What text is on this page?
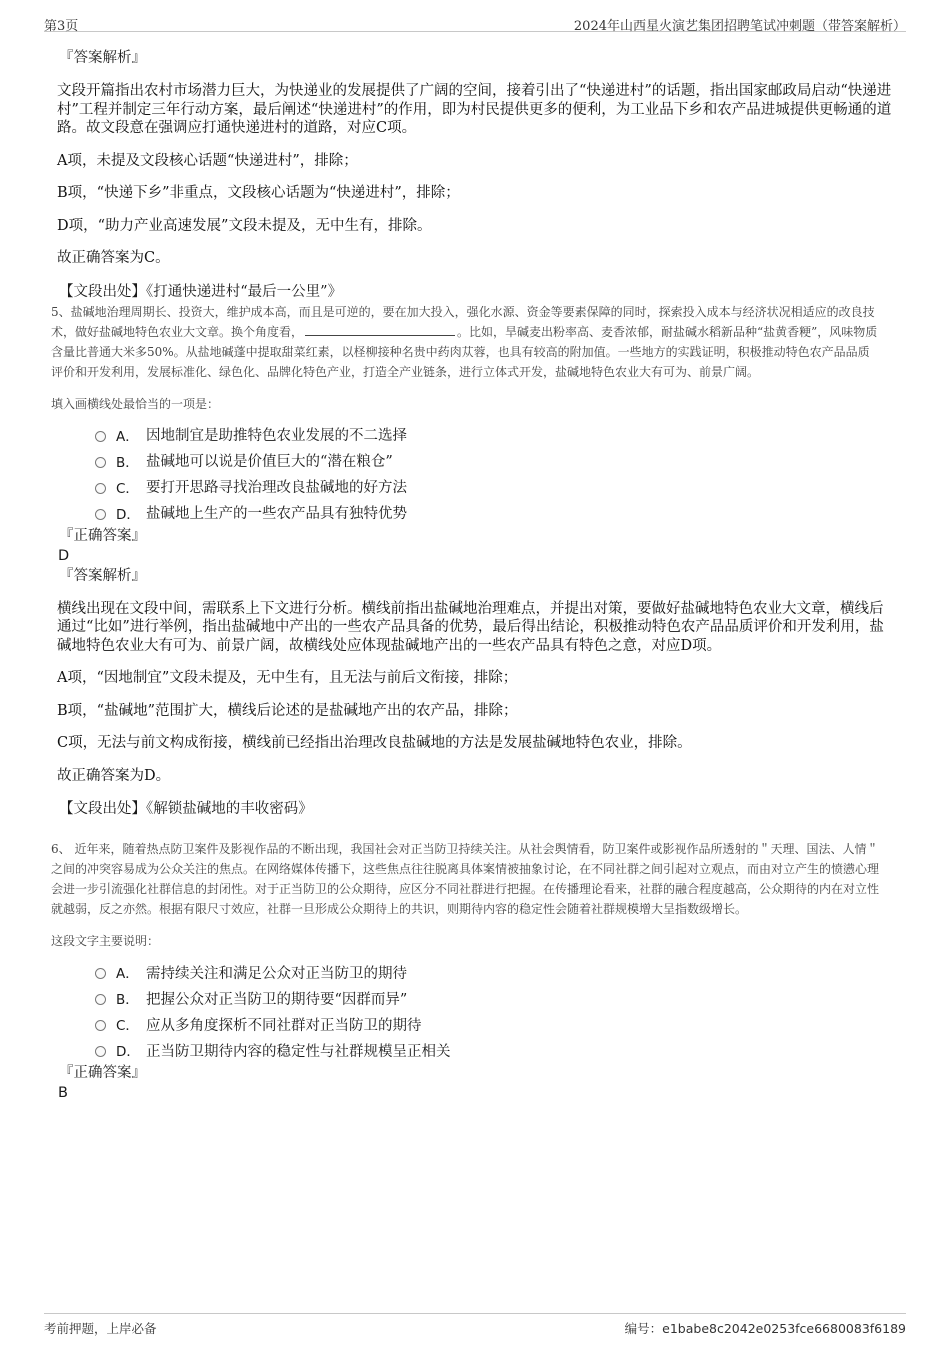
第3页	2024年山西星火演艺集团招聘笔试冲刺题（带答案解析）
『答案解析』
文段开篇指出农村市场潜力巨大，为快递业的发展提供了广阔的空间，接着引出了“快递进村”的话题，指出国家邮政局启动“快递进村”工程并制定三年行动方案，最后阐述“快递进村”的作用，即为村民提供更多的便利，为工业品下乡和农产品进城提供更畅通的道路。故文段意在强调应打通快递进村的道路，对应C项。
A项，未提及文段核心话题“快递进村”，排除；
B项，“快递下乡”非重点，文段核心话题为“快递进村”，排除；
D项，“助力产业高速发展”文段未提及，无中生有，排除。
故正确答案为C。
【文段出处】《打通快递进村“最后一公里”》
5、盐碱地治理周期长、投资大，维护成本高，而且是可逆的，要在加大投入，强化水源、资金等要素保障的同时，探索投入成本与经济状况相适应的改良技术，做好盐碱地特色农业大文章。换个角度看，	。比如，旱碱麦出粉率高、麦香浓郁，耐盐碱水稻新品种“盐黄香粳”，风味物质含量比普通大米多50%。从盐地碱蓬中提取甜菜红素，以柽柳接种名贵中药肉苁蓉，也具有较高的附加值。一些地方的实践证明，积极推动特色农产品品质评价和开发利用，发展标准化、绿色化、品牌化特色产业，打造全产业链条，进行立体式开发，盐碱地特色农业大有可为、前景广阔。
填入画横线处最恰当的一项是：
A． 因地制宜是助推特色农业发展的不二选择
B． 盐碱地可以说是价值巨大的“潜在粮仓”
C． 要打开思路寻找治理改良盐碱地的好方法
D． 盐碱地上生产的一些农产品具有独特优势
『正确答案』
D
『答案解析』
横线出现在文段中间，需联系上下文进行分析。横线前指出盐碱地治理难点，并提出对策，要做好盐碱地特色农业大文章，横线后通过“比如”进行举例，指出盐碱地中产出的一些农产品具备的优势，最后得出结论，积极推动特色农产品品质评价和开发利用，盐碱地特色农业大有可为、前景广阔，故横线处应体现盐碱地产出的一些农产品具有特色之意，对应D项。
A项，“因地制宜”文段未提及，无中生有，且无法与前后文衔接，排除；
B项，“盐碱地”范围扩大，横线后论述的是盐碱地产出的农产品，排除；
C项，无法与前文构成衔接，横线前已经指出治理改良盐碱地的方法是发展盐碱地特色农业，排除。
故正确答案为D。
【文段出处】《解锁盐碱地的丰收密码》
6、 近年来，随着热点防卫案件及影视作品的不断出现，我国社会对正当防卫持续关注。从社会舆情看，防卫案件或影视作品所透射的＂天理、国法、人情＂之间的冲突容易成为公众关注的焦点。在网络媒体传播下，这些焦点往往脱离具体案情被抽象讨论，在不同社群之间引起对立观点，而由对立产生的愤懑心理会进一步引流强化社群信息的封闭性。对于正当防卫的公众期待，应区分不同社群进行把握。在传播理论看来，社群的融合程度越高，公众期待的内在对立性就越弱，反之亦然。根据有限尺寸效应，社群一旦形成公众期待上的共识，则期待内容的稳定性会随着社群规模增大呈指数级增长。
这段文字主要说明：
A． 需持续关注和满足公众对正当防卫的期待
B． 把握公众对正当防卫的期待要“因群而异”
C． 应从多角度探析不同社群对正当防卫的期待
D． 正当防卫期待内容的稳定性与社群规模呈正相关
『正确答案』
B
考前押题，上岸必备	编号：e1babe8c2042e0253fce6680083f6189
